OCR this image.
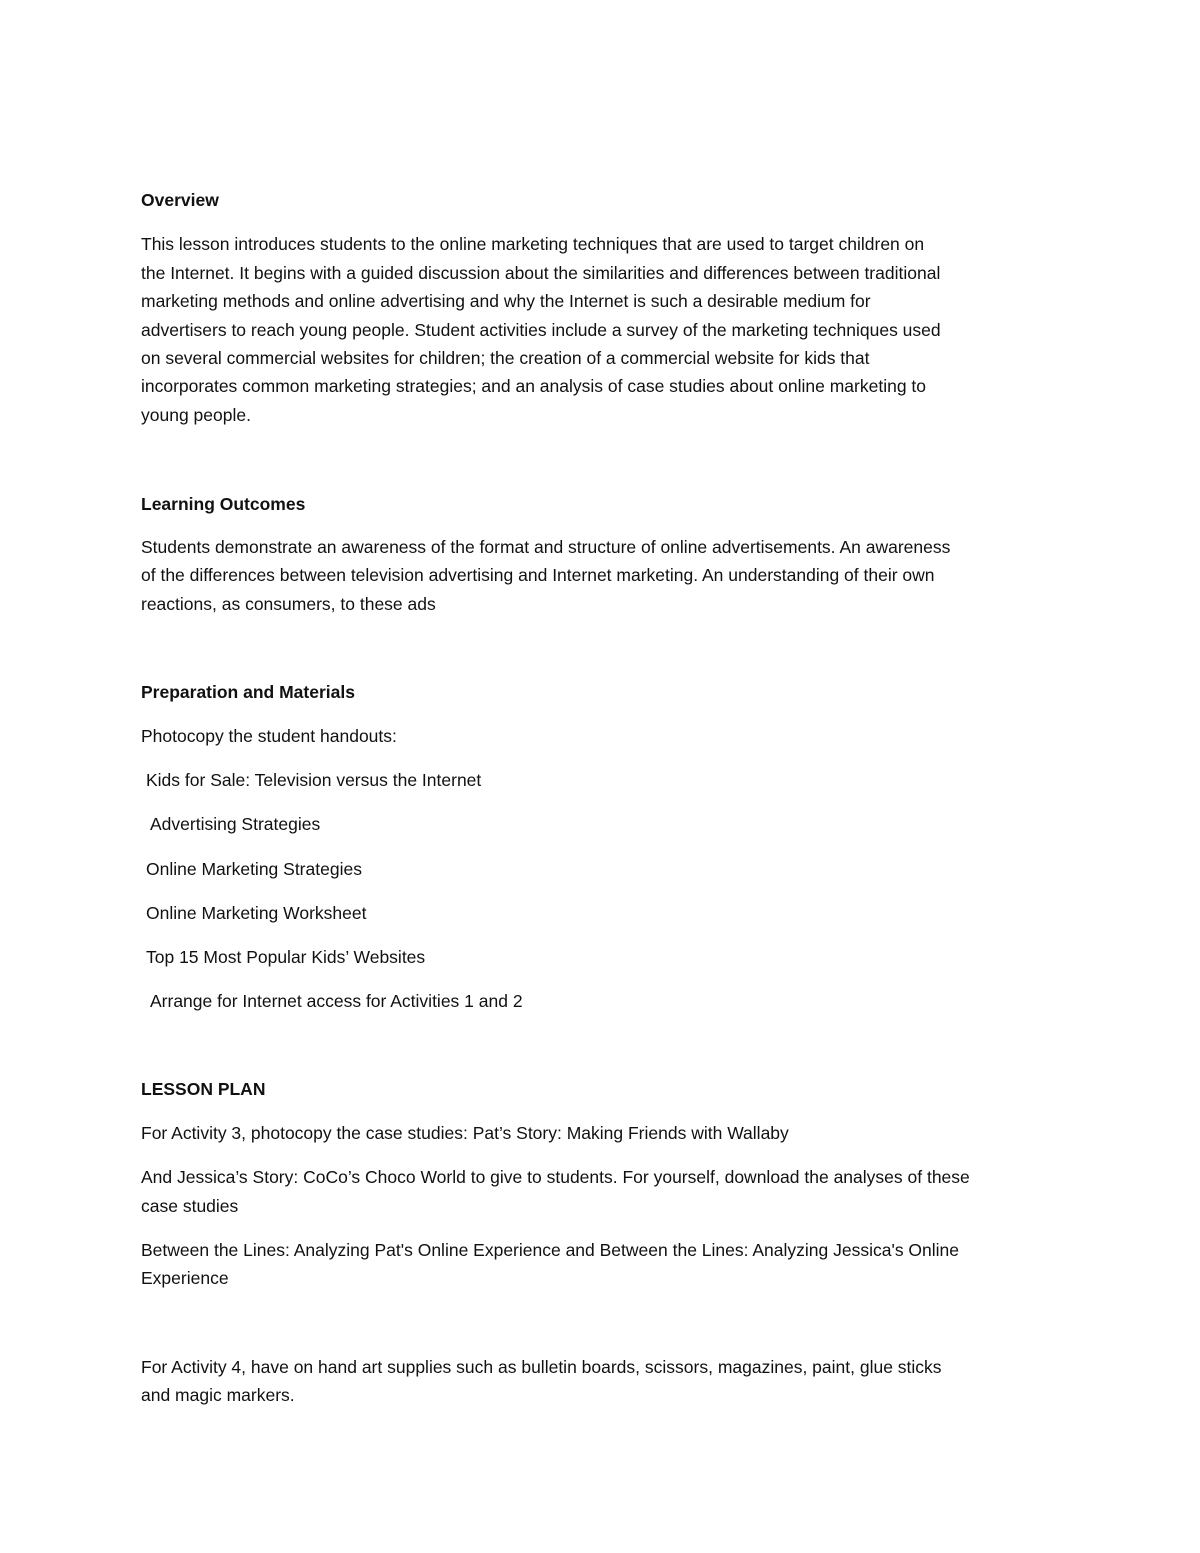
Overview
This lesson introduces students to the online marketing techniques that are used to target children on
the Internet. It begins with a guided discussion about the similarities and differences between traditional
marketing methods and online advertising and why the Internet is such a desirable medium for
advertisers to reach young people. Student activities include a survey of the marketing techniques used
on several commercial websites for children; the creation of a commercial website for kids that
incorporates common marketing strategies; and an analysis of case studies about online marketing to
young people.
Learning Outcomes
Students demonstrate an awareness of the format and structure of online advertisements. An awareness
of the differences between television advertising and Internet marketing. An understanding of their own
reactions, as consumers, to these ads
Preparation and Materials
Photocopy the student handouts:
Kids for Sale: Television versus the Internet
Advertising Strategies
Online Marketing Strategies
Online Marketing Worksheet
Top 15 Most Popular Kids’ Websites
Arrange for Internet access for Activities 1 and 2
LESSON PLAN
For Activity 3, photocopy the case studies: Pat’s Story: Making Friends with Wallaby
And Jessica’s Story: CoCo’s Choco World to give to students. For yourself, download the analyses of these
case studies
Between the Lines: Analyzing Pat's Online Experience and Between the Lines: Analyzing Jessica's Online
Experience
For Activity 4, have on hand art supplies such as bulletin boards, scissors, magazines, paint, glue sticks
and magic markers.
